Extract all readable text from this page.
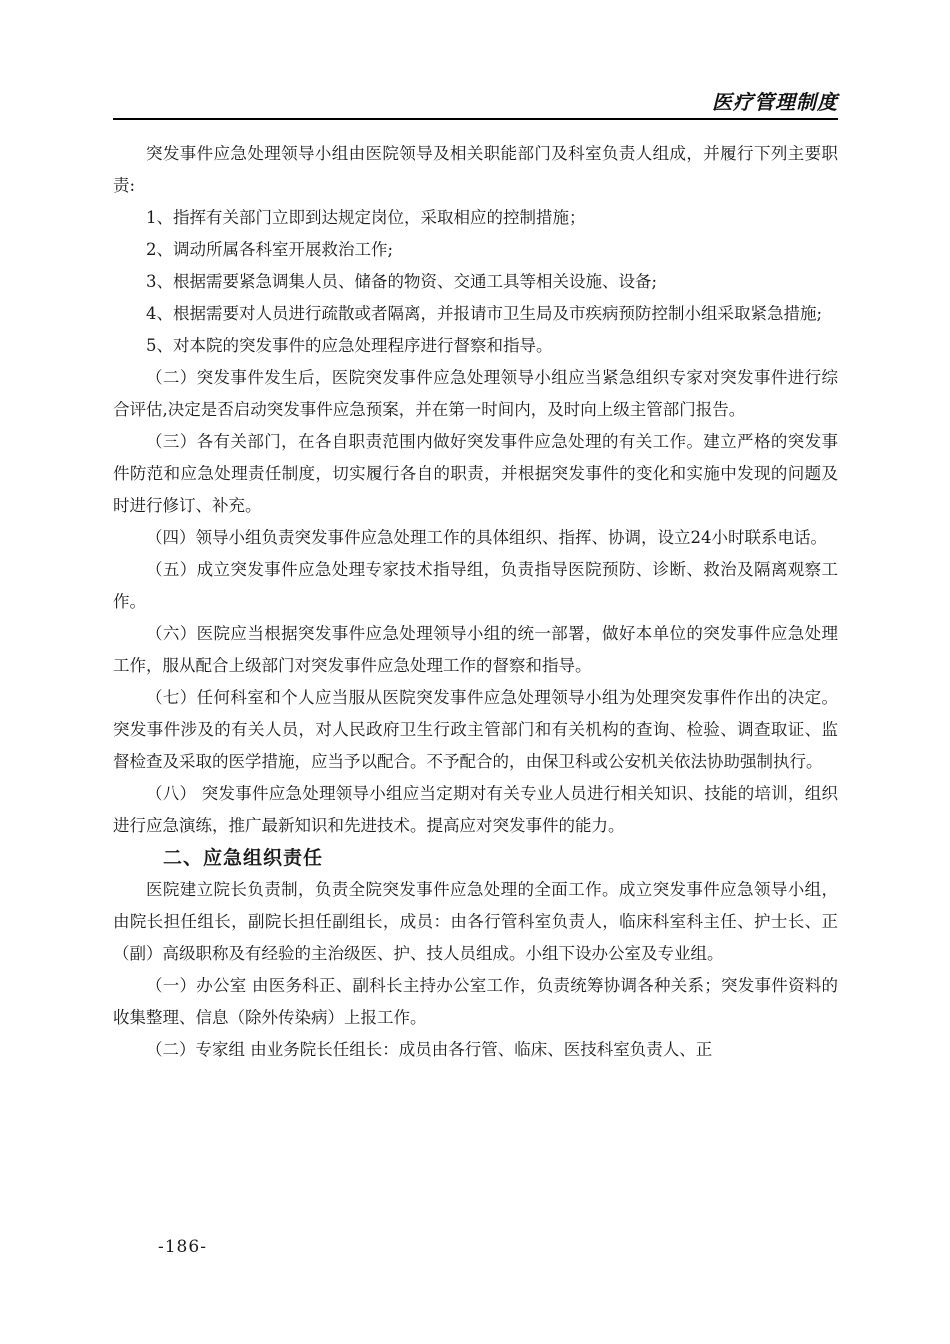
医疗管理制度

突发事件应急处理领导小组由医院领导及相关职能部门及科室负责人组成，并履行下列主要职责:

1、指挥有关部门立即到达规定岗位，采取相应的控制措施；

2、调动所属各科室开展救治工作;

3、根据需要紧急调集人员、储备的物资、交通工具等相关设施、设备;

4、根据需要对人员进行疏散或者隔离，并报请市卫生局及市疾病预防控制小组采取紧急措施;

5、对本院的突发事件的应急处理程序进行督察和指导。

（二）突发事件发生后，医院突发事件应急处理领导小组应当紧急组织专家对突发事件进行综合评估,决定是否启动突发事件应急预案，并在第一时间内，及时向上级主管部门报告。

（三）各有关部门，在各自职责范围内做好突发事件应急处理的有关工作。建立严格的突发事件防范和应急处理责任制度，切实履行各自的职责，并根据突发事件的变化和实施中发现的问题及时进行修订、补充。

（四）领导小组负责突发事件应急处理工作的具体组织、指挥、协调，设立24小时联系电话。

（五）成立突发事件应急处理专家技术指导组，负责指导医院预防、诊断、救治及隔离观察工作。

（六）医院应当根据突发事件应急处理领导小组的统一部署，做好本单位的突发事件应急处理工作，服从配合上级部门对突发事件应急处理工作的督察和指导。

（七）任何科室和个人应当服从医院突发事件应急处理领导小组为处理突发事件作出的决定。突发事件涉及的有关人员，对人民政府卫生行政主管部门和有关机构的查询、检验、调查取证、监督检查及采取的医学措施，应当予以配合。不予配合的，由保卫科或公安机关依法协助强制执行。

（八） 突发事件应急处理领导小组应当定期对有关专业人员进行相关知识、技能的培训，组织进行应急演练，推广最新知识和先进技术。提高应对突发事件的能力。

二、应急组织责任

医院建立院长负责制，负责全院突发事件应急处理的全面工作。成立突发事件应急领导小组，由院长担任组长，副院长担任副组长，成员：由各行管科室负责人，临床科室科主任、护士长、正（副）高级职称及有经验的主治级医、护、技人员组成。小组下设办公室及专业组。

（一）办公室 由医务科正、副科长主持办公室工作，负责统筹协调各种关系；突发事件资料的收集整理、信息（除外传染病）上报工作。

（二）专家组 由业务院长任组长：成员由各行管、临床、医技科室负责人、正

-186-
